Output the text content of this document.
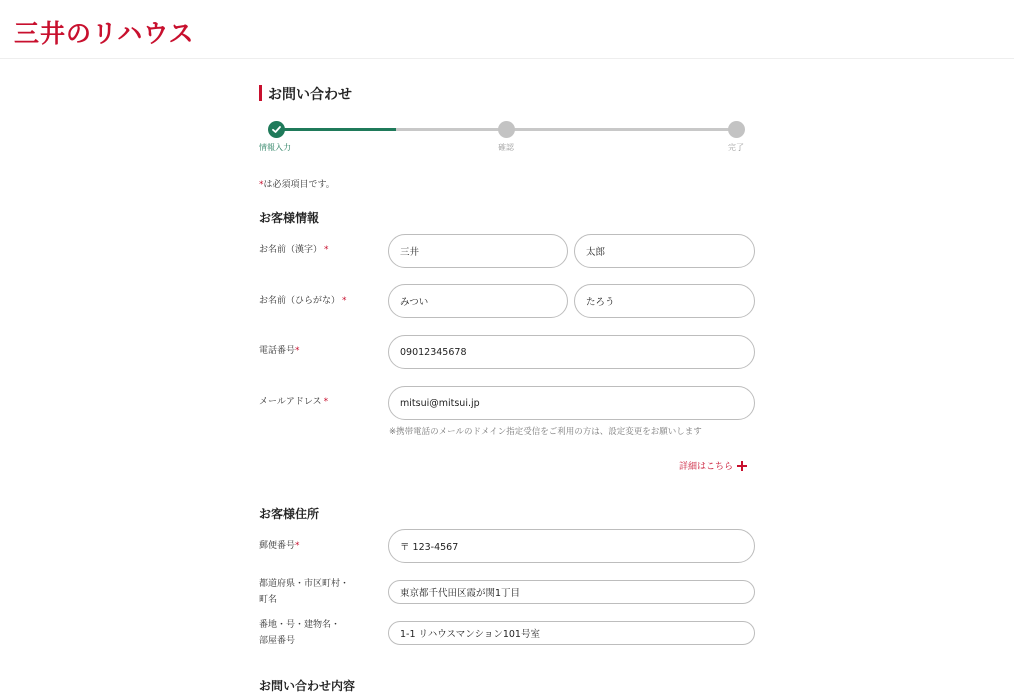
三井のリハウス
お問い合わせ
情報入力	確認	完了
*は必須項目です。
お客様情報
お名前（漢字） *	三井	太郎
お名前（ひらがな） *	みつい	たろう
電話番号*	09012345678
メールアドレス *	mitsui@mitsui.jp
※携帯電話のメールのドメイン指定受信をご利用の方は、設定変更をお願いします
詳細はこちら
お客様住所
郵便番号*	〒 123-4567
都道府県・市区町村・
町名
東京都千代田区霞が関1丁目
番地・号・建物名・
部屋番号
1-1 リハウスマンション101号室
お問い合わせ内容
